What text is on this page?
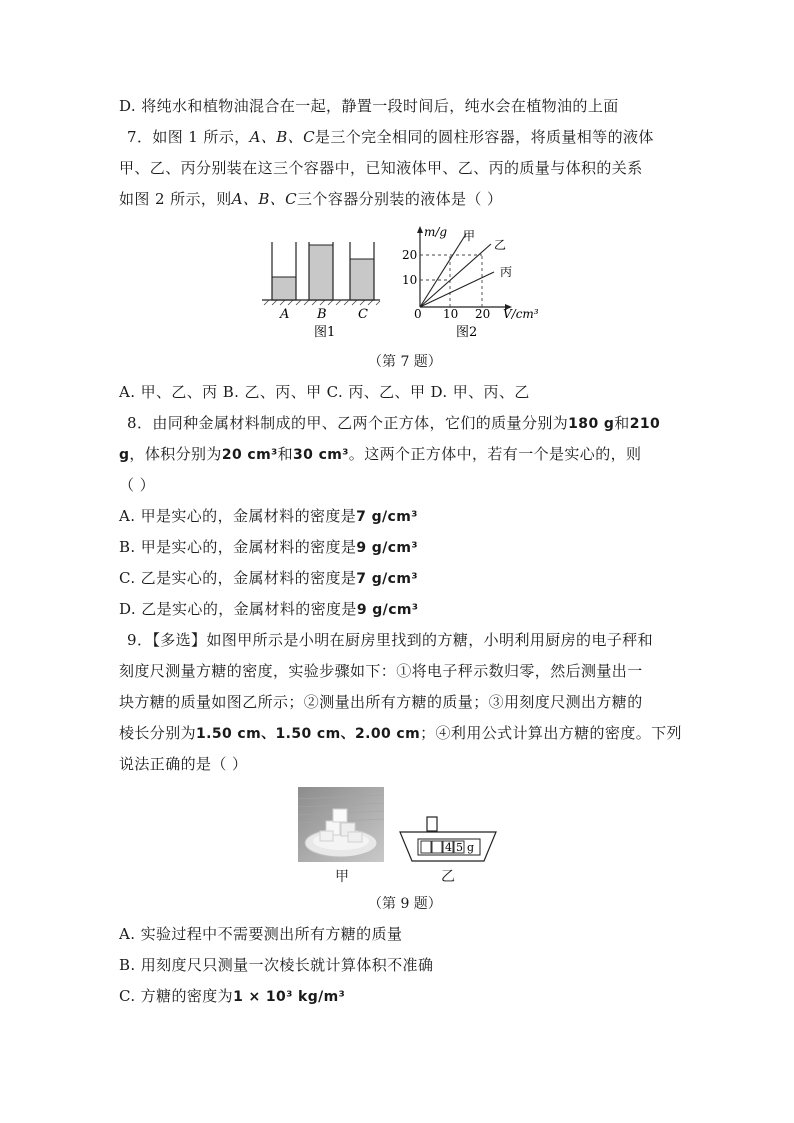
D. 将纯水和植物油混合在一起，静置一段时间后，纯水会在植物油的上面
7．如图 1 所示，A、B、C是三个完全相同的圆柱形容器，将质量相等的液体
甲、乙、丙分别装在这三个容器中，已知液体甲、乙、丙的质量与体积的关系
如图 2 所示，则A、B、C三个容器分别装的液体是（ ）
A B C
图1
m/g
20
10
0 10 20 V/cm³
甲
乙
丙
图2
（第 7 题）
A. 甲、乙、丙 B. 乙、丙、甲 C. 丙、乙、甲 D. 甲、丙、乙
8．由同种金属材料制成的甲、乙两个正方体，它们的质量分别为180 g和210
g，体积分别为20 cm³和30 cm³。这两个正方体中，若有一个是实心的，则
（ ）
A. 甲是实心的，金属材料的密度是7 g/cm³
B. 甲是实心的，金属材料的密度是9 g/cm³
C. 乙是实心的，金属材料的密度是7 g/cm³
D. 乙是实心的，金属材料的密度是9 g/cm³
9．【多选】如图甲所示是小明在厨房里找到的方糖，小明利用厨房的电子秤和
刻度尺测量方糖的密度，实验步骤如下：①将电子秤示数归零，然后测量出一
块方糖的质量如图乙所示；②测量出所有方糖的质量；③用刻度尺测出方糖的
棱长分别为1.50 cm、1.50 cm、2.00 cm；④利用公式计算出方糖的密度。下列
说法正确的是（ ）
4 5 g
甲	乙
（第 9 题）
A. 实验过程中不需要测出所有方糖的质量
B. 用刻度尺只测量一次棱长就计算体积不准确
C. 方糖的密度为1 × 10³ kg/m³
